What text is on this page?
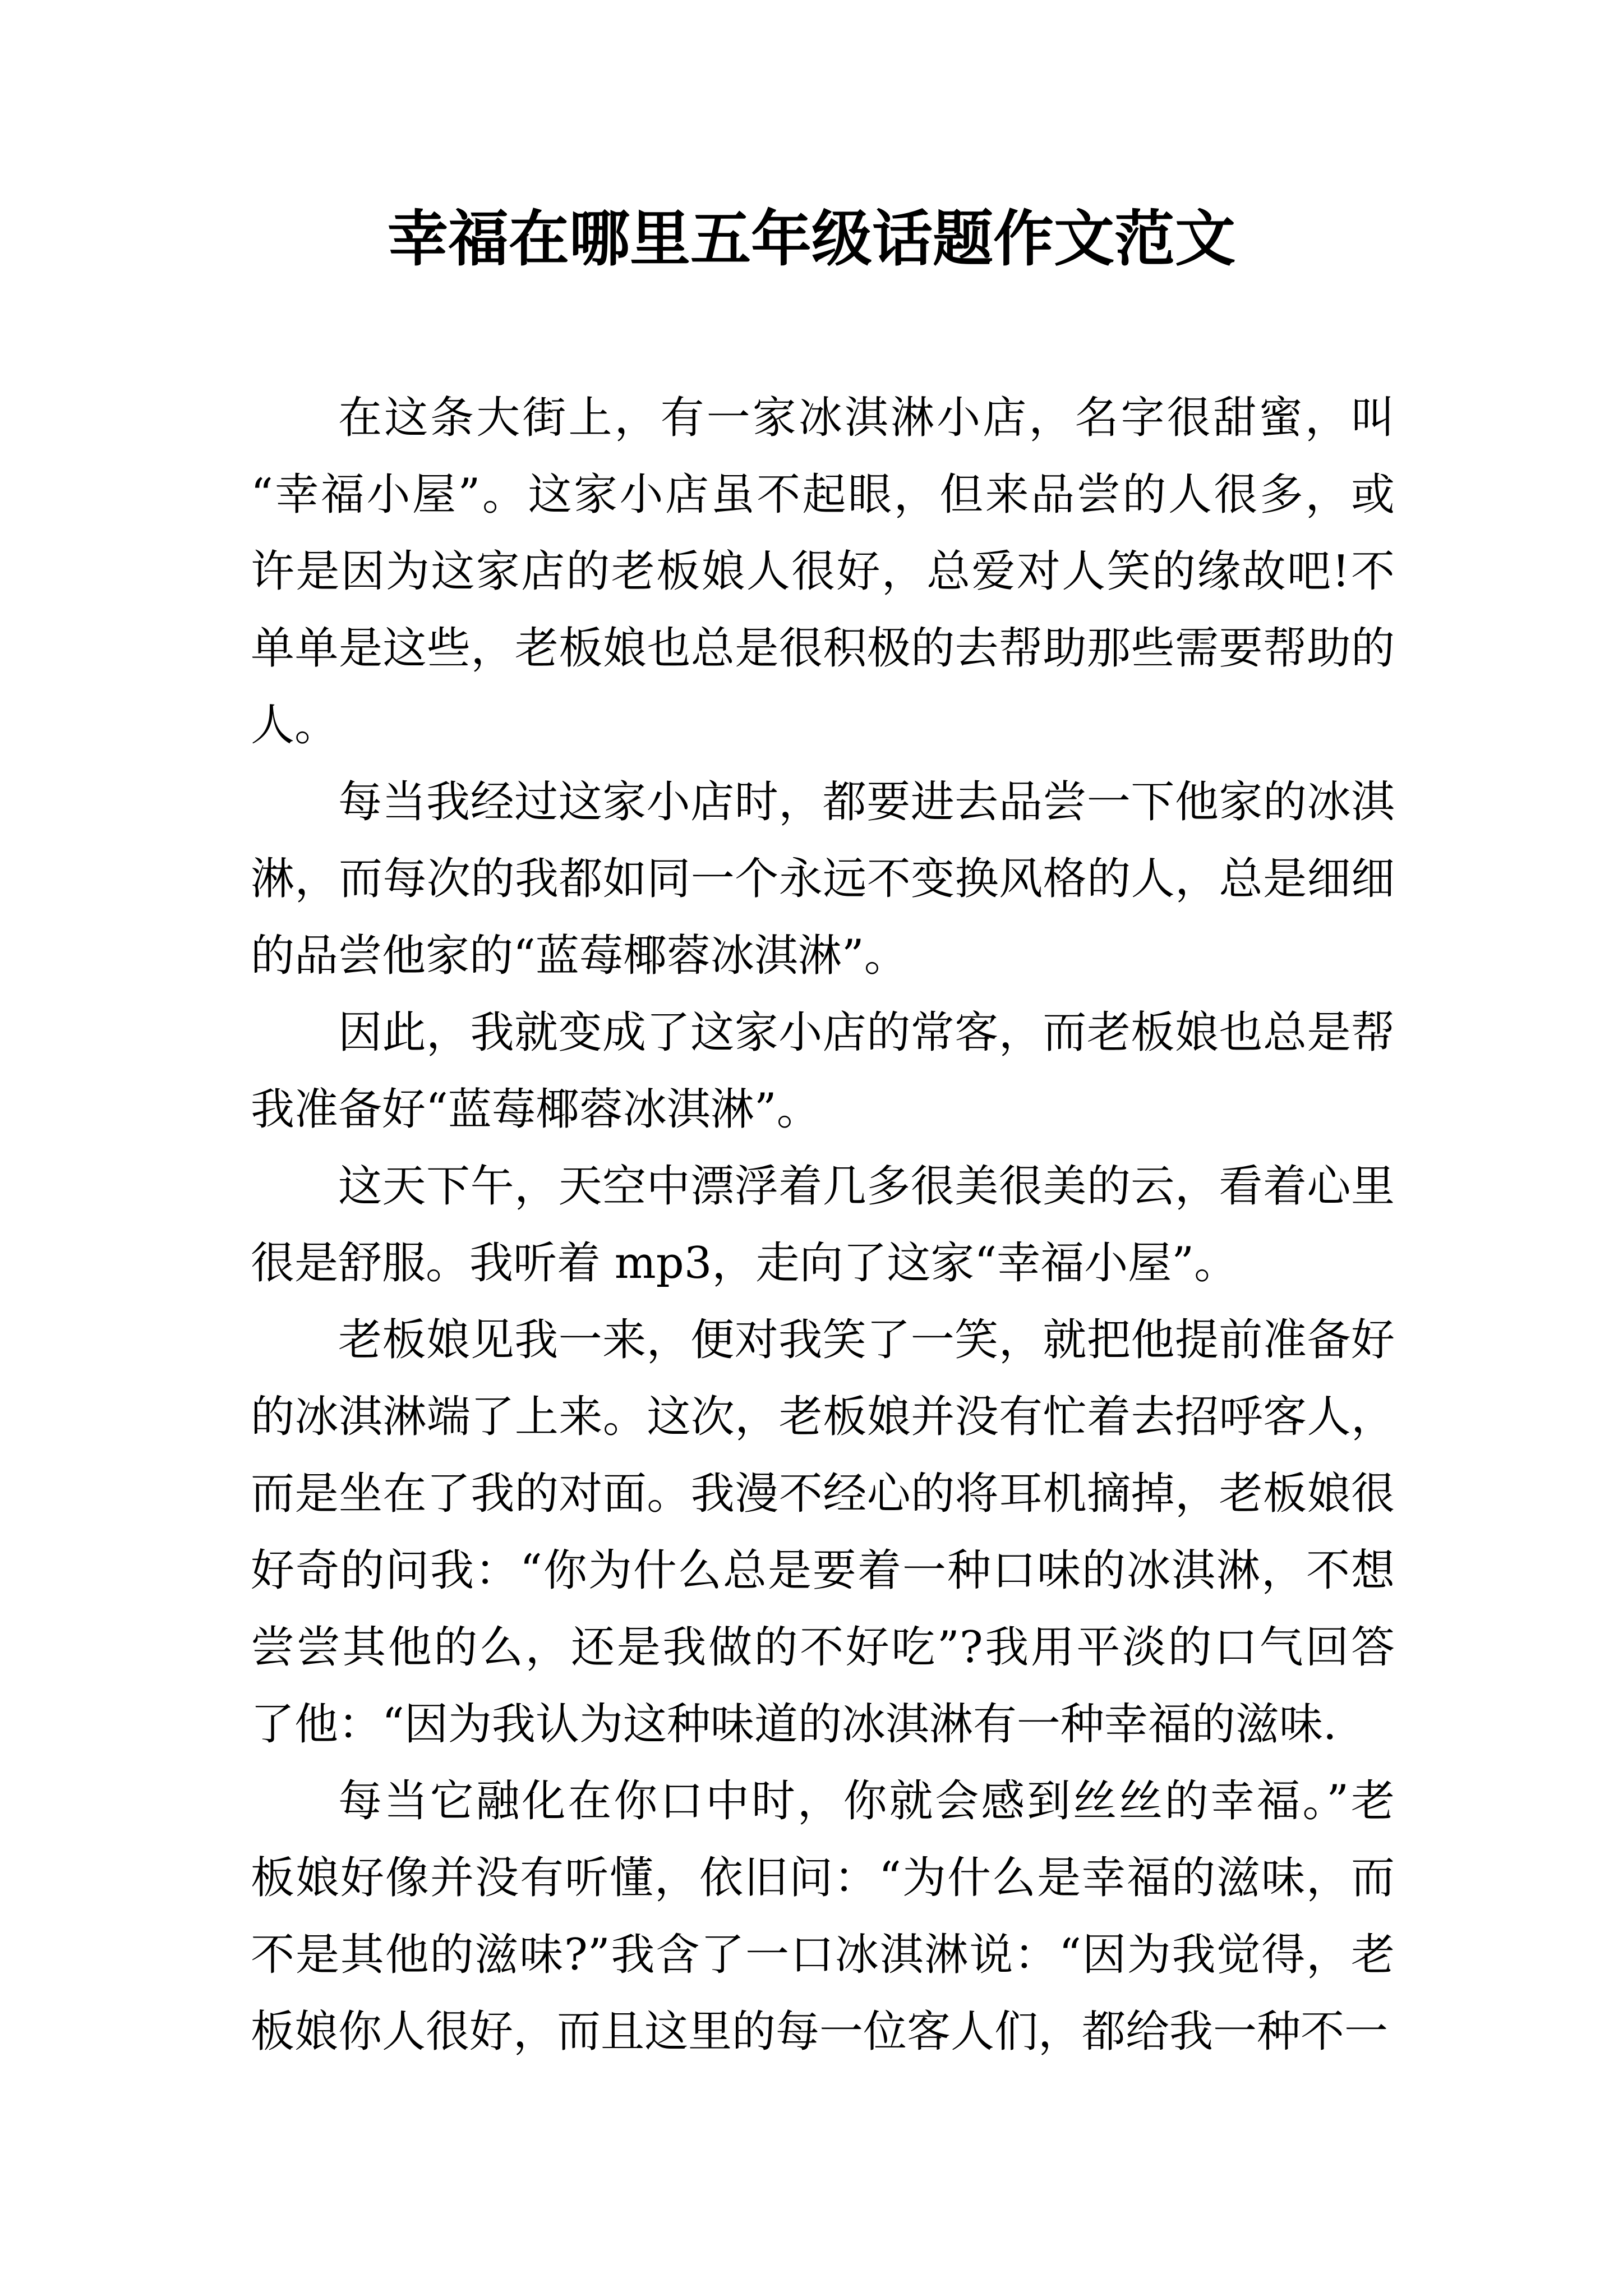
幸福在哪里五年级话题作文范文
在这条大街上，有一家冰淇淋小店，名字很甜蜜，叫
“幸福小屋”。这家小店虽不起眼，但来品尝的人很多，或
许是因为这家店的老板娘人很好，总爱对人笑的缘故吧!不
单单是这些，老板娘也总是很积极的去帮助那些需要帮助的
人。
每当我经过这家小店时，都要进去品尝一下他家的冰淇
淋，而每次的我都如同一个永远不变换风格的人，总是细细
的品尝他家的“蓝莓椰蓉冰淇淋”。
因此，我就变成了这家小店的常客，而老板娘也总是帮
我准备好“蓝莓椰蓉冰淇淋”。
这天下午，天空中漂浮着几多很美很美的云，看着心里
很是舒服。我听着 mp3，走向了这家“幸福小屋”。
老板娘见我一来，便对我笑了一笑，就把他提前准备好
的冰淇淋端了上来。这次，老板娘并没有忙着去招呼客人，
而是坐在了我的对面。我漫不经心的将耳机摘掉，老板娘很
好奇的问我：“你为什么总是要着一种口味的冰淇淋，不想
尝尝其他的么，还是我做的不好吃”?我用平淡的口气回答
了他：“因为我认为这种味道的冰淇淋有一种幸福的滋味.
每当它融化在你口中时，你就会感到丝丝的幸福。”老
板娘好像并没有听懂，依旧问：“为什么是幸福的滋味，而
不是其他的滋味?”我含了一口冰淇淋说：“因为我觉得，老
板娘你人很好，而且这里的每一位客人们，都给我一种不一
